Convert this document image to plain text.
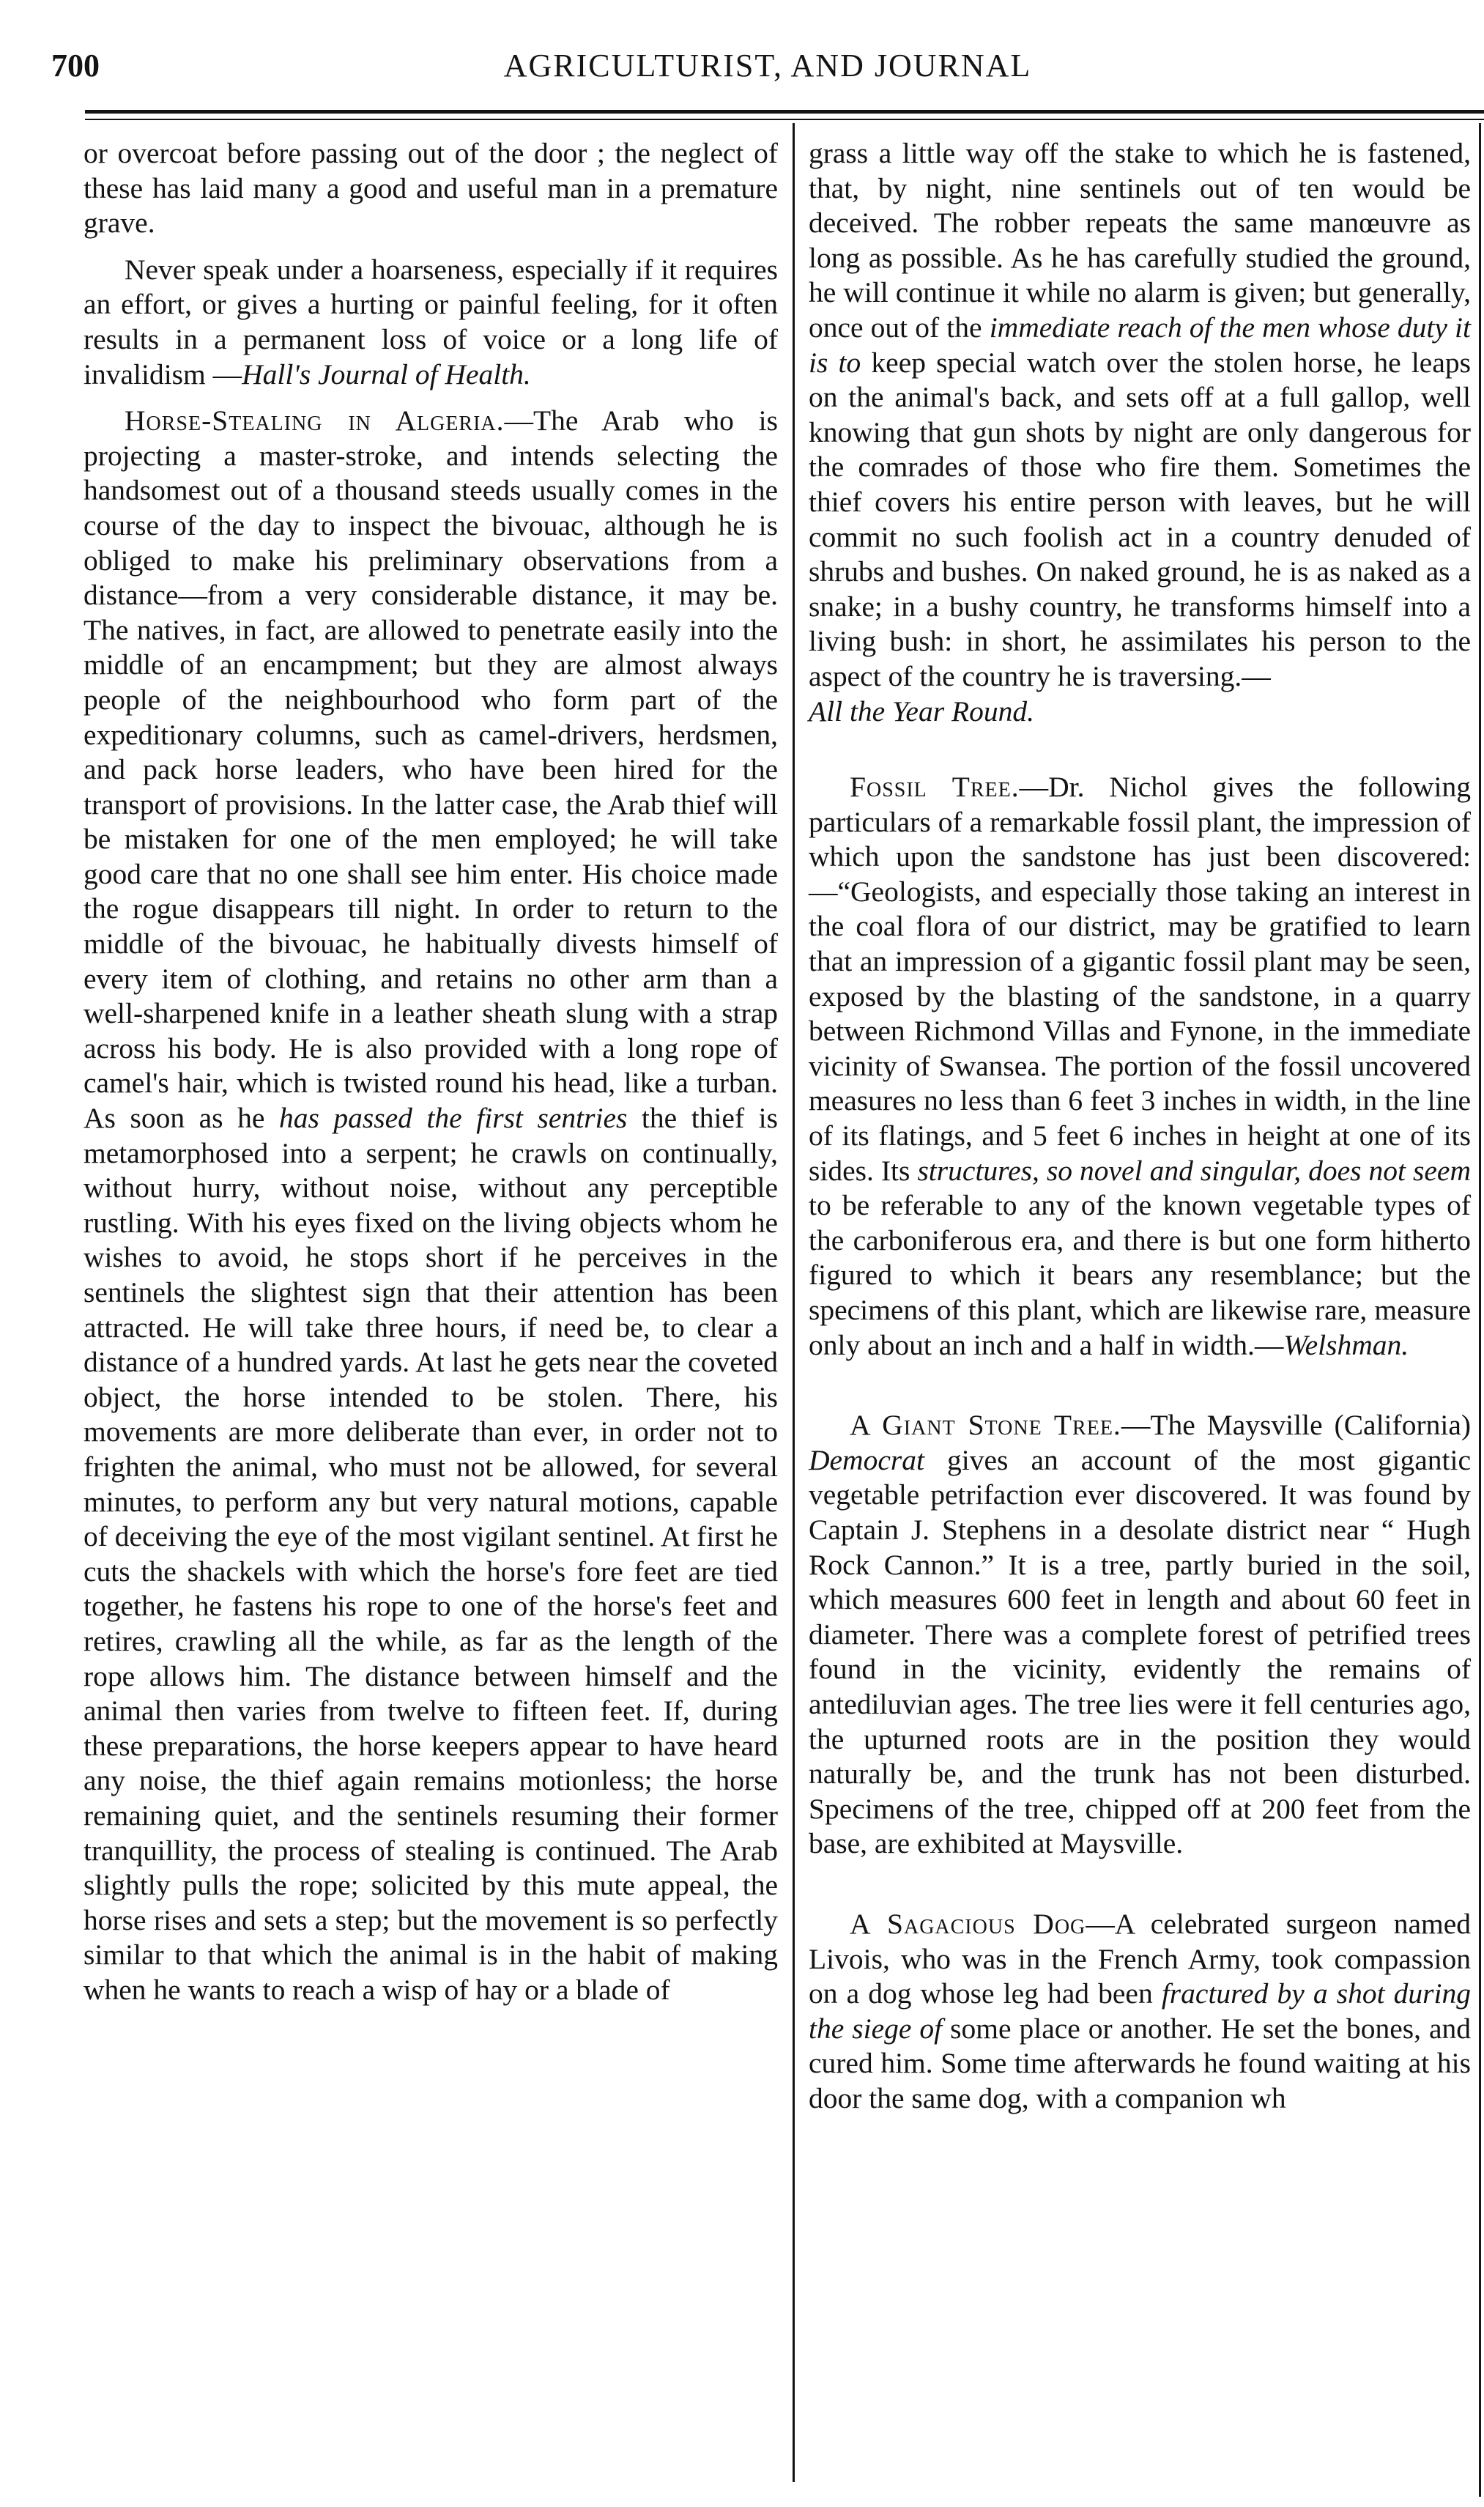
700	AGRICULTURIST, AND JOURNAL

or overcoat before passing out of the door ; the neglect of these has laid many a good and useful man in a premature grave.

Never speak under a hoarseness, especially if it requires an effort, or gives a hurting or painful feeling, for it often results in a permanent loss of voice or a long life of invalidism —Hall's Journal of Health.

Horse-Stealing in Algeria.—The Arab who is projecting a master-stroke, and intends selecting the handsomest out of a thousand steeds usually comes in the course of the day to inspect the bivouac, although he is obliged to make his preliminary observations from a distance—from a very considerable distance, it may be. The natives, in fact, are allowed to penetrate easily into the middle of an encampment; but they are almost always people of the neighbourhood who form part of the expeditionary columns, such as camel-drivers, herdsmen, and pack horse leaders, who have been hired for the transport of provisions. In the latter case, the Arab thief will be mistaken for one of the men employed; he will take good care that no one shall see him enter. His choice made the rogue disappears till night. In order to return to the middle of the bivouac, he habitually divests himself of every item of clothing, and retains no other arm than a well-sharpened knife in a leather sheath slung with a strap across his body. He is also provided with a long rope of camel's hair, which is twisted round his head, like a turban. As soon as he has passed the first sentries the thief is metamorphosed into a serpent; he crawls on continually, without hurry, without noise, without any perceptible rustling. With his eyes fixed on the living objects whom he wishes to avoid, he stops short if he perceives in the sentinels the slightest sign that their attention has been attracted. He will take three hours, if need be, to clear a distance of a hundred yards. At last he gets near the coveted object, the horse intended to be stolen. There, his movements are more deliberate than ever, in order not to frighten the animal, who must not be allowed, for several minutes, to perform any but very natural motions, capable of deceiving the eye of the most vigilant sentinel. At first he cuts the shackels with which the horse's fore feet are tied together, he fastens his rope to one of the horse's feet and retires, crawling all the while, as far as the length of the rope allows him. The distance between himself and the animal then varies from twelve to fifteen feet. If, during these preparations, the horse keepers appear to have heard any noise, the thief again remains motionless; the horse remaining quiet, and the sentinels resuming their former tranquillity, the process of stealing is continued. The Arab slightly pulls the rope; solicited by this mute appeal, the horse rises and sets a step; but the movement is so perfectly similar to that which the animal is in the habit of making when he wants to reach a wisp of hay or a blade of

grass a little way off the stake to which he is fastened, that, by night, nine sentinels out of ten would be deceived. The robber repeats the same manœuvre as long as possible. As he has carefully studied the ground, he will continue it while no alarm is given; but generally, once out of the immediate reach of the men whose duty it is to keep special watch over the stolen horse, he leaps on the animal's back, and sets off at a full gallop, well knowing that gun shots by night are only dangerous for the comrades of those who fire them. Sometimes the thief covers his entire person with leaves, but he will commit no such foolish act in a country denuded of shrubs and bushes. On naked ground, he is as naked as a snake; in a bushy country, he transforms himself into a living bush: in short, he assimilates his person to the aspect of the country he is traversing.—

All the Year Round.

Fossil Tree.—Dr. Nichol gives the following particulars of a remarkable fossil plant, the impression of which upon the sandstone has just been discovered:—“Geologists, and especially those taking an interest in the coal flora of our district, may be gratified to learn that an impression of a gigantic fossil plant may be seen, exposed by the blasting of the sandstone, in a quarry between Richmond Villas and Fynone, in the immediate vicinity of Swansea. The portion of the fossil uncovered measures no less than 6 feet 3 inches in width, in the line of its flatings, and 5 feet 6 inches in height at one of its sides. Its structures, so novel and singular, does not seem to be referable to any of the known vegetable types of the carboniferous era, and there is but one form hitherto figured to which it bears any resemblance; but the specimens of this plant, which are likewise rare, measure only about an inch and a half in width.—Welshman.

A Giant Stone Tree.—The Maysville (California) Democrat gives an account of the most gigantic vegetable petrifaction ever discovered. It was found by Captain J. Stephens in a desolate district near “ Hugh Rock Cannon.” It is a tree, partly buried in the soil, which measures 600 feet in length and about 60 feet in diameter. There was a complete forest of petrified trees found in the vicinity, evidently the remains of antediluvian ages. The tree lies were it fell centuries ago, the upturned roots are in the position they would naturally be, and the trunk has not been disturbed. Specimens of the tree, chipped off at 200 feet from the base, are exhibited at Maysville.

A Sagacious Dog—A celebrated surgeon named Livois, who was in the French Army, took compassion on a dog whose leg had been fractured by a shot during the siege of some place or another. He set the bones, and cured him. Some time afterwards he found waiting at his door the same dog, with a companion wh
